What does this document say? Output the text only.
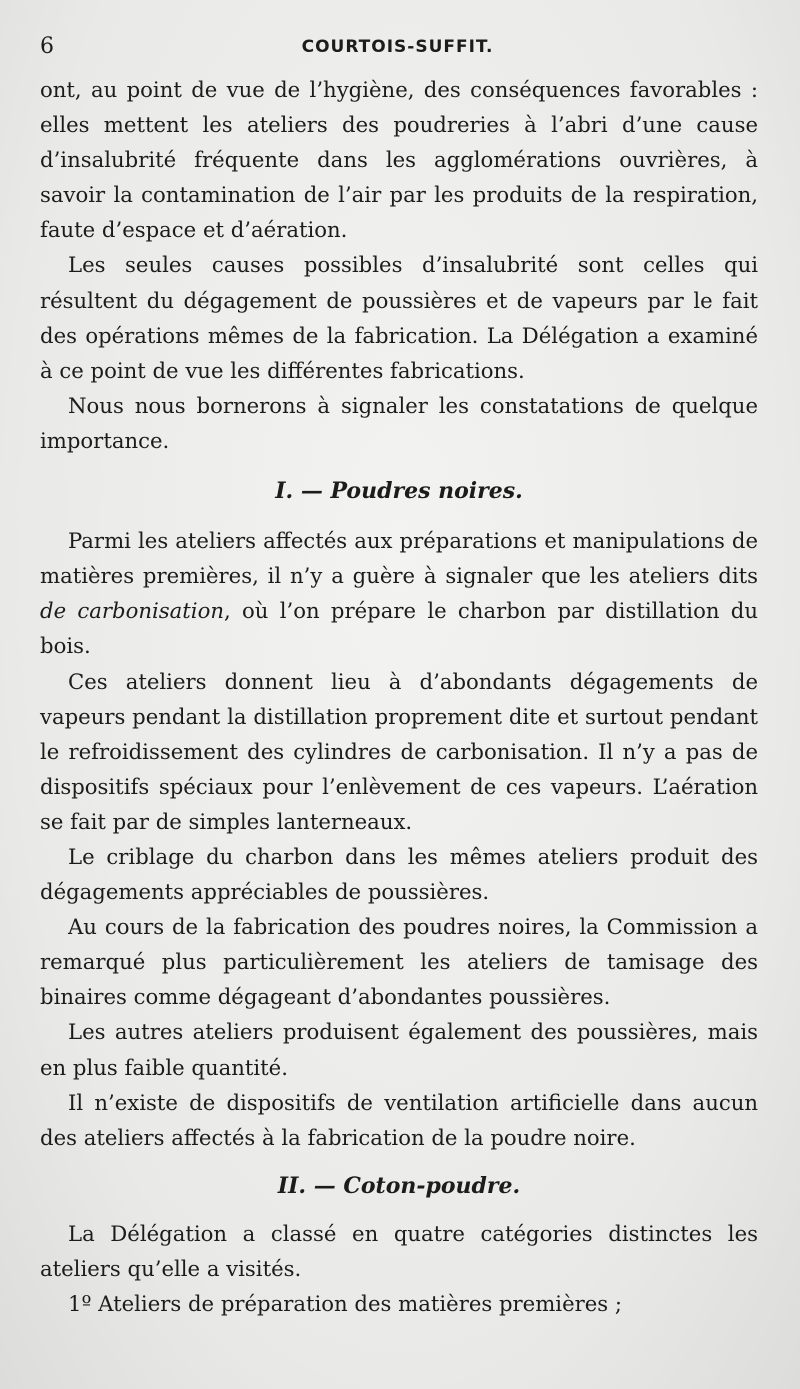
6	COURTOIS-SUFFIT.

ont, au point de vue de l’hygiène, des conséquences favorables : elles mettent les ateliers des poudreries à l’abri d’une cause d’insalubrité fréquente dans les agglomérations ouvrières, à savoir la contamination de l’air par les produits de la respiration, faute d’espace et d’aération.

Les seules causes possibles d’insalubrité sont celles qui résultent du dégagement de poussières et de vapeurs par le fait des opérations mêmes de la fabrication. La Délégation a examiné à ce point de vue les différentes fabrications.

Nous nous bornerons à signaler les constatations de quelque importance.

I. — Poudres noires.

Parmi les ateliers affectés aux préparations et manipulations de matières premières, il n’y a guère à signaler que les ateliers dits de carbonisation, où l’on prépare le charbon par distillation du bois.

Ces ateliers donnent lieu à d’abondants dégagements de vapeurs pendant la distillation proprement dite et surtout pendant le refroidissement des cylindres de carbonisation. Il n’y a pas de dispositifs spéciaux pour l’enlèvement de ces vapeurs. L’aération se fait par de simples lanterneaux.

Le criblage du charbon dans les mêmes ateliers produit des dégagements appréciables de poussières.

Au cours de la fabrication des poudres noires, la Commission a remarqué plus particulièrement les ateliers de tamisage des binaires comme dégageant d’abondantes poussières.

Les autres ateliers produisent également des poussières, mais en plus faible quantité.

Il n’existe de dispositifs de ventilation artificielle dans aucun des ateliers affectés à la fabrication de la poudre noire.

II. — Coton-poudre.

La Délégation a classé en quatre catégories distinctes les ateliers qu’elle a visités.

1º Ateliers de préparation des matières premières ;
